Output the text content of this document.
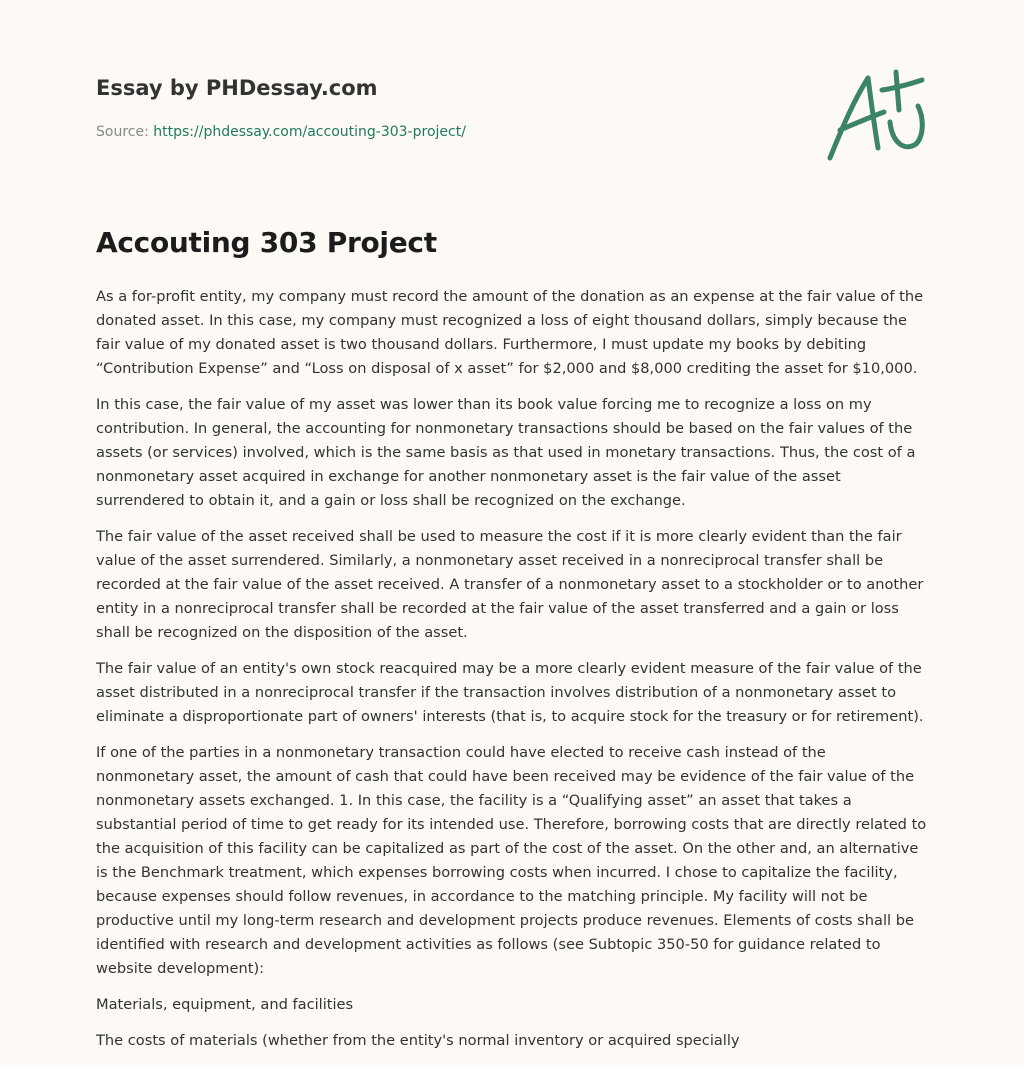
Essay by PHDessay.com
Source: https://phdessay.com/accouting-303-project/
Accouting 303 Project

As a for-profit entity, my company must record the amount of the donation as an expense at the fair value of the donated asset. In this case, my company must recognized a loss of eight thousand dollars, simply because the fair value of my donated asset is two thousand dollars. Furthermore, I must update my books by debiting “Contribution Expense” and “Loss on disposal of x asset” for $2,000 and $8,000 crediting the asset for $10,000.

In this case, the fair value of my asset was lower than its book value forcing me to recognize a loss on my contribution. In general, the accounting for nonmonetary transactions should be based on the fair values of the assets (or services) involved, which is the same basis as that used in monetary transactions. Thus, the cost of a nonmonetary asset acquired in exchange for another nonmonetary asset is the fair value of the asset surrendered to obtain it, and a gain or loss shall be recognized on the exchange.

The fair value of the asset received shall be used to measure the cost if it is more clearly evident than the fair value of the asset surrendered. Similarly, a nonmonetary asset received in a nonreciprocal transfer shall be recorded at the fair value of the asset received. A transfer of a nonmonetary asset to a stockholder or to another entity in a nonreciprocal transfer shall be recorded at the fair value of the asset transferred and a gain or loss shall be recognized on the disposition of the asset.

The fair value of an entity's own stock reacquired may be a more clearly evident measure of the fair value of the asset distributed in a nonreciprocal transfer if the transaction involves distribution of a nonmonetary asset to eliminate a disproportionate part of owners' interests (that is, to acquire stock for the treasury or for retirement).

If one of the parties in a nonmonetary transaction could have elected to receive cash instead of the nonmonetary asset, the amount of cash that could have been received may be evidence of the fair value of the nonmonetary assets exchanged. 1. In this case, the facility is a “Qualifying asset” an asset that takes a substantial period of time to get ready for its intended use. Therefore, borrowing costs that are directly related to the acquisition of this facility can be capitalized as part of the cost of the asset. On the other and, an alternative is the Benchmark treatment, which expenses borrowing costs when incurred. I chose to capitalize the facility, because expenses should follow revenues, in accordance to the matching principle. My facility will not be productive until my long-term research and development projects produce revenues. Elements of costs shall be identified with research and development activities as follows (see Subtopic 350-50 for guidance related to website development):

Materials, equipment, and facilities

The costs of materials (whether from the entity's normal inventory or acquired specially
